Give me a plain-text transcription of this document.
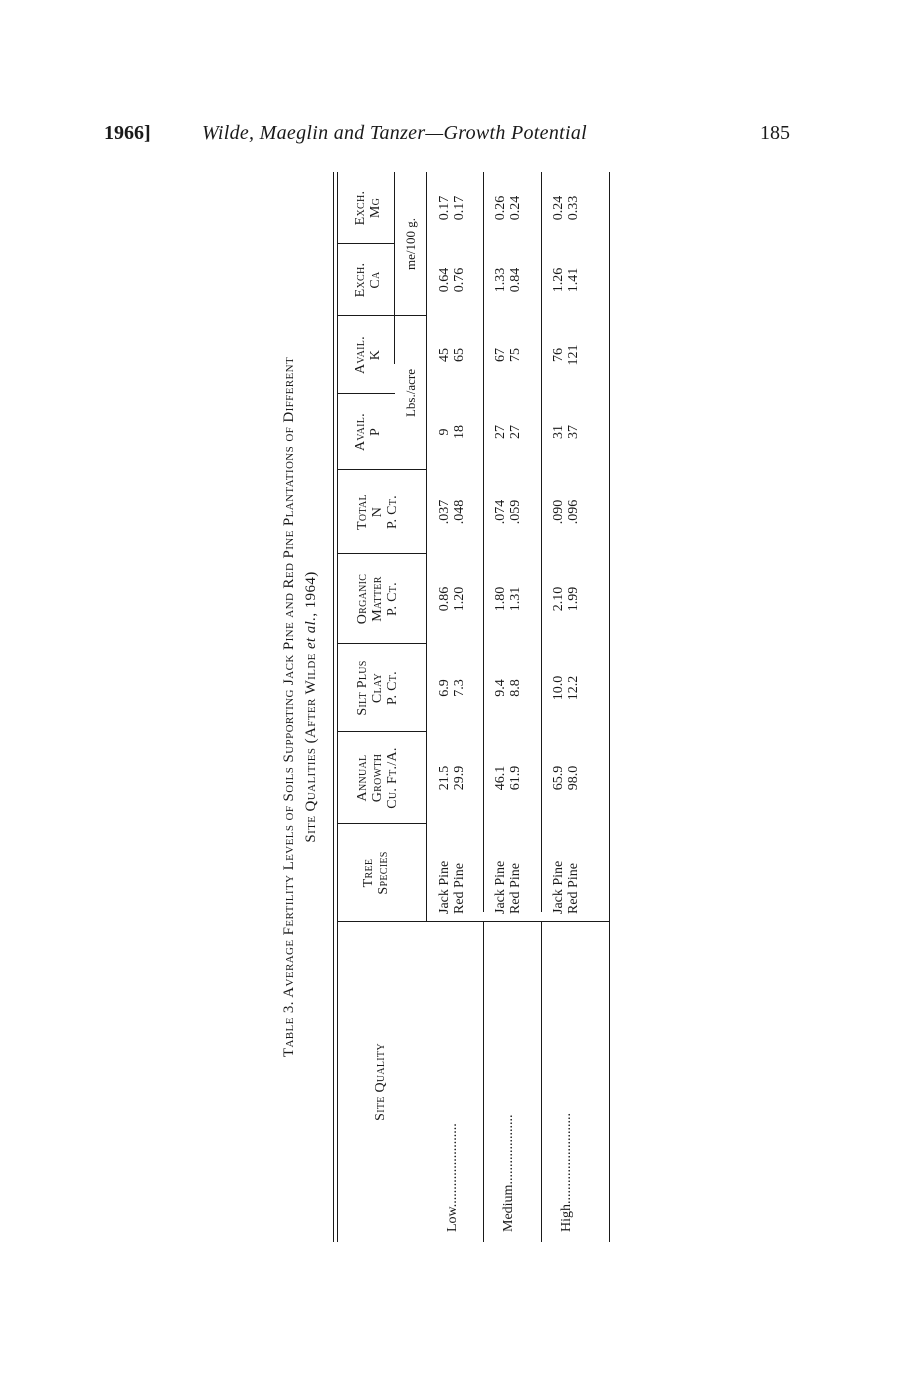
1966]	Wilde, Maeglin and Tanzer—Growth Potential	185
Table 3. Average Fertility Levels of Soils Supporting Jack Pine and Red Pine Plantations of Different Site Qualities (After Wilde et al., 1964)
Site Quality
Tree Species
Annual Growth Cu. Ft./A.
Silt Plus Clay P. Ct.
Organic Matter P. Ct.
Total N P. Ct.
Avail. P
Avail. K
Exch. Ca
Exch. Mg
Lbs./acre
me/100 g.
Low........................
Jack Pine Red Pine
21.5 29.9
6.9 7.3
0.86 1.20
.037 .048
9 18
45 65
0.64 0.76
0.17 0.17
Medium....................
Jack Pine Red Pine
46.1 61.9
9.4 8.8
1.80 1.31
.074 .059
27 27
67 75
1.33 0.84
0.26 0.24
High..........................
Jack Pine Red Pine
65.9 98.0
10.0 12.2
2.10 1.99
.090 .096
31 37
76 121
1.26 1.41
0.24 0.33
